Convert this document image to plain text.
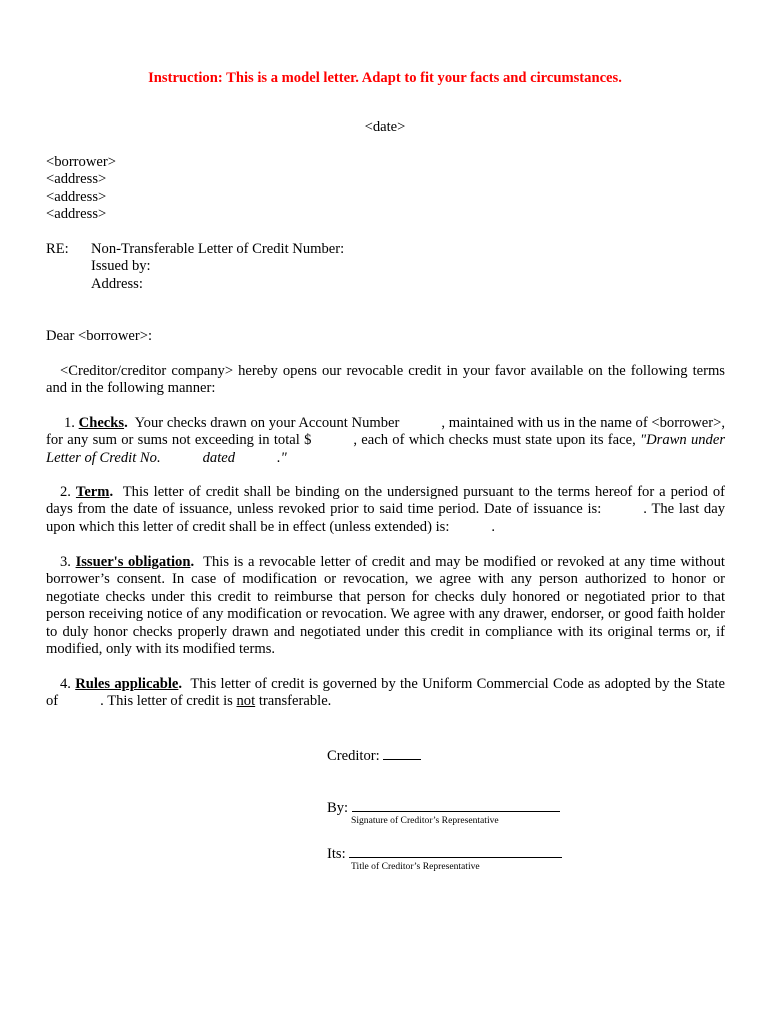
Instruction: This is a model letter. Adapt to fit your facts and circumstances.
<date>
<borrower>
<address>
<address>
<address>
RE:	Non-Transferable Letter of Credit Number:
Issued by:
Address:
Dear <borrower>:
<Creditor/creditor company> hereby opens our revocable credit in your favor available on the following terms and in the following manner:
1. Checks. Your checks drawn on your Account Number	, maintained with us in the name of <borrower>, for any sum or sums not exceeding in total $	, each of which checks must state upon its face, "Drawn under Letter of Credit No.	dated	."
2. Term. This letter of credit shall be binding on the undersigned pursuant to the terms hereof for a period of days from the date of issuance, unless revoked prior to said time period. Date of issuance is:	. The last day upon which this letter of credit shall be in effect (unless extended) is:	.
3. Issuer's obligation. This is a revocable letter of credit and may be modified or revoked at any time without borrower’s consent. In case of modification or revocation, we agree with any person authorized to honor or negotiate checks under this credit to reimburse that person for checks duly honored or negotiated prior to that person receiving notice of any modification or revocation. We agree with any drawer, endorser, or good faith holder to duly honor checks properly drawn and negotiated under this credit in compliance with its original terms or, if modified, only with its modified terms.
4. Rules applicable. This letter of credit is governed by the Uniform Commercial Code as adopted by the State of	. This letter of credit is not transferable.
Creditor:
By:
Signature of Creditor’s Representative
Its:
Title of Creditor’s Representative
